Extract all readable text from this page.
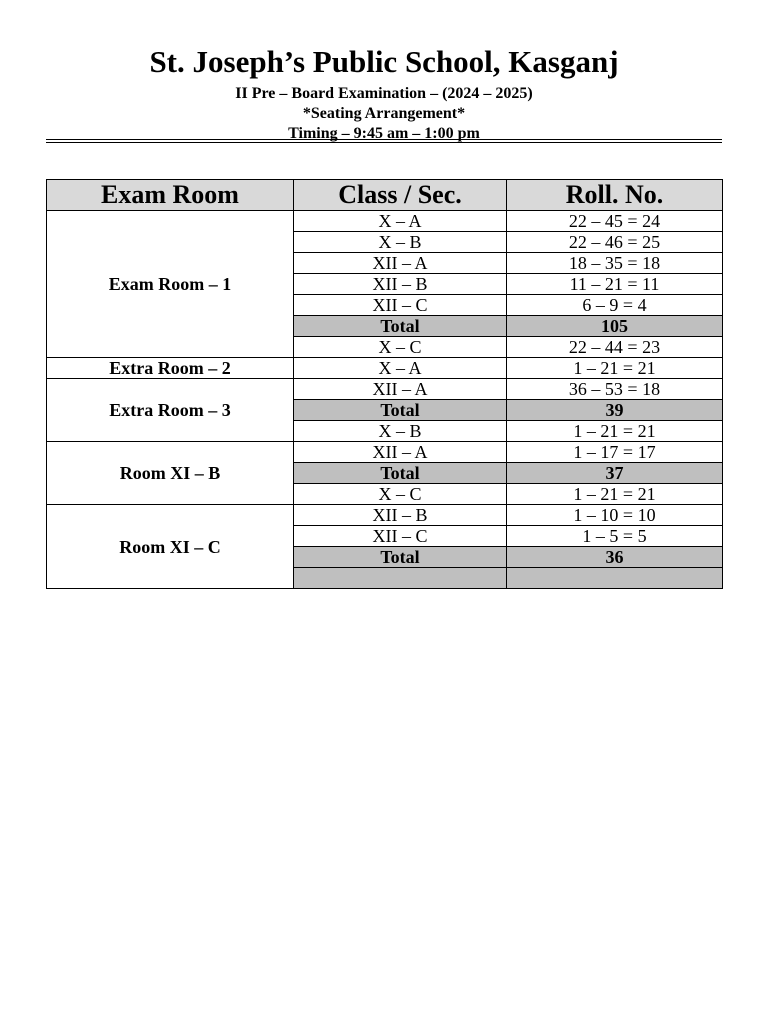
St. Joseph’s Public School, Kasganj

II Pre – Board Examination – (2024 – 2025)

*Seating Arrangement*

Timing – 9:45 am – 1:00 pm

Exam Room	Class / Sec.	Roll. No.
Exam Room – 1	X – A	22 – 45 = 24
	X – B	22 – 46 = 25
	XII – A	18 – 35 = 18
	XII – B	11 – 21 = 11
	XII – C	6 – 9 = 4
	Total	105
	X – C	22 – 44 = 23
Extra Room – 2	X – A	1 – 21 = 21
Extra Room – 3	XII – A	36 – 53 = 18
	Total	39
	X – B	1 – 21 = 21
Room XI – B	XII – A	1 – 17 = 17
	Total	37
	X – C	1 – 21 = 21
Room XI – C	XII – B	1 – 10 = 10
	XII – C	1 – 5 = 5
	Total	36
